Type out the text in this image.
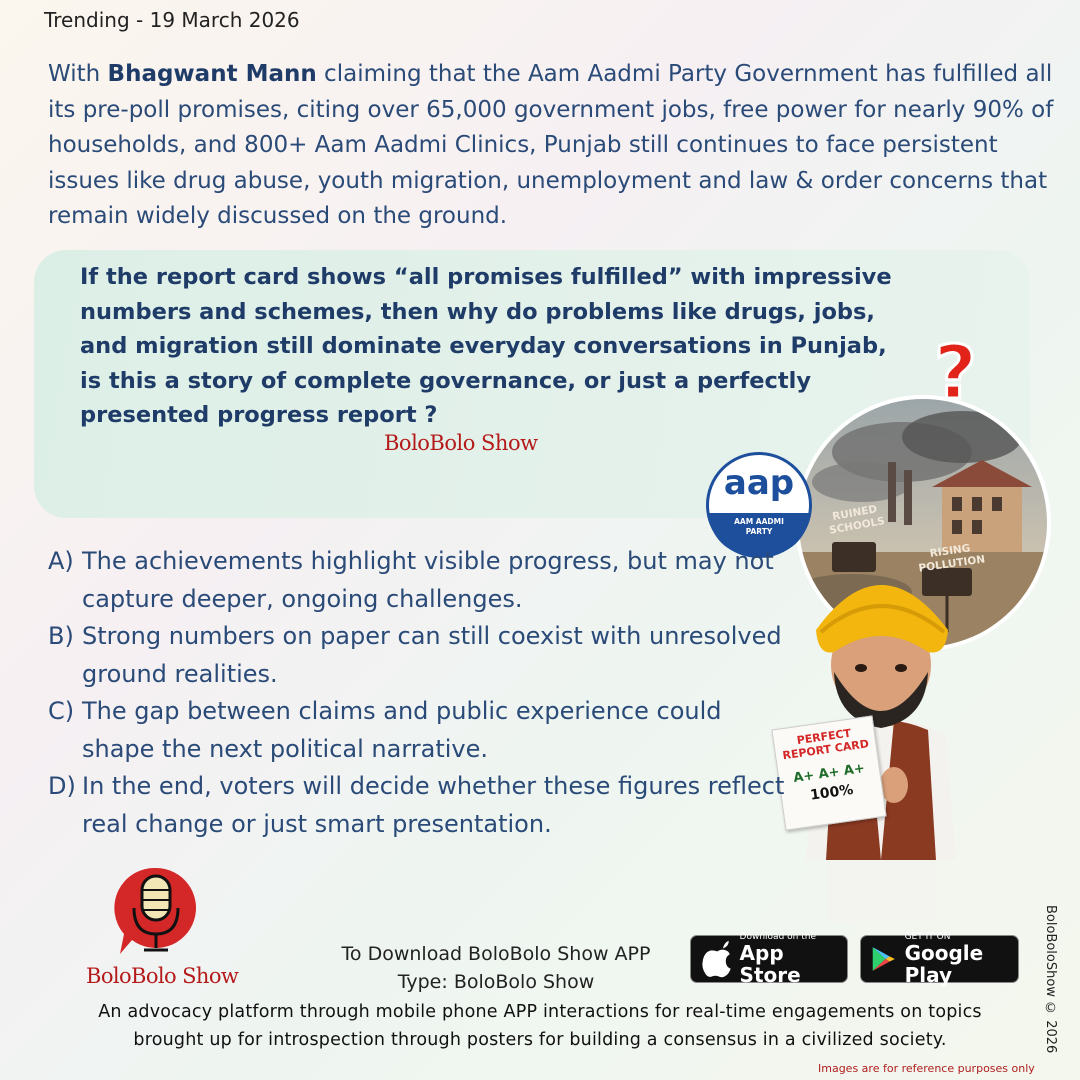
Trending - 19 March 2026
With Bhagwant Mann claiming that the Aam Aadmi Party Government has fulfilled all its pre-poll promises, citing over 65,000 government jobs, free power for nearly 90% of households, and 800+ Aam Aadmi Clinics, Punjab still continues to face persistent issues like drug abuse, youth migration, unemployment and law & order concerns that remain widely discussed on the ground.
If the report card shows “all promises fulfilled” with impressive numbers and schemes, then why do problems like drugs, jobs, and migration still dominate everyday conversations in Punjab, is this a story of complete governance, or just a perfectly presented progress report ?
BoloBolo Show
RUINED SCHOOLS
RISING POLLUTION
?
aap
AAM AADMI PARTY
PERFECT REPORT CARD
A+ A+ A+
100%
A) The achievements highlight visible progress, but may not capture deeper, ongoing challenges.
B) Strong numbers on paper can still coexist with unresolved ground realities.
C) The gap between claims and public experience could shape the next political narrative.
D) In the end, voters will decide whether these figures reflect real change or just smart presentation.
BoloBolo Show
To Download BoloBolo Show APP
Type: BoloBolo Show
Download on the
App Store
GET IT ON
Google Play
An advocacy platform through mobile phone APP interactions for real-time engagements on topics
brought up for introspection through posters for building a consensus in a civilized society.	BoloBoloShow © 2026
Images are for reference purposes only
